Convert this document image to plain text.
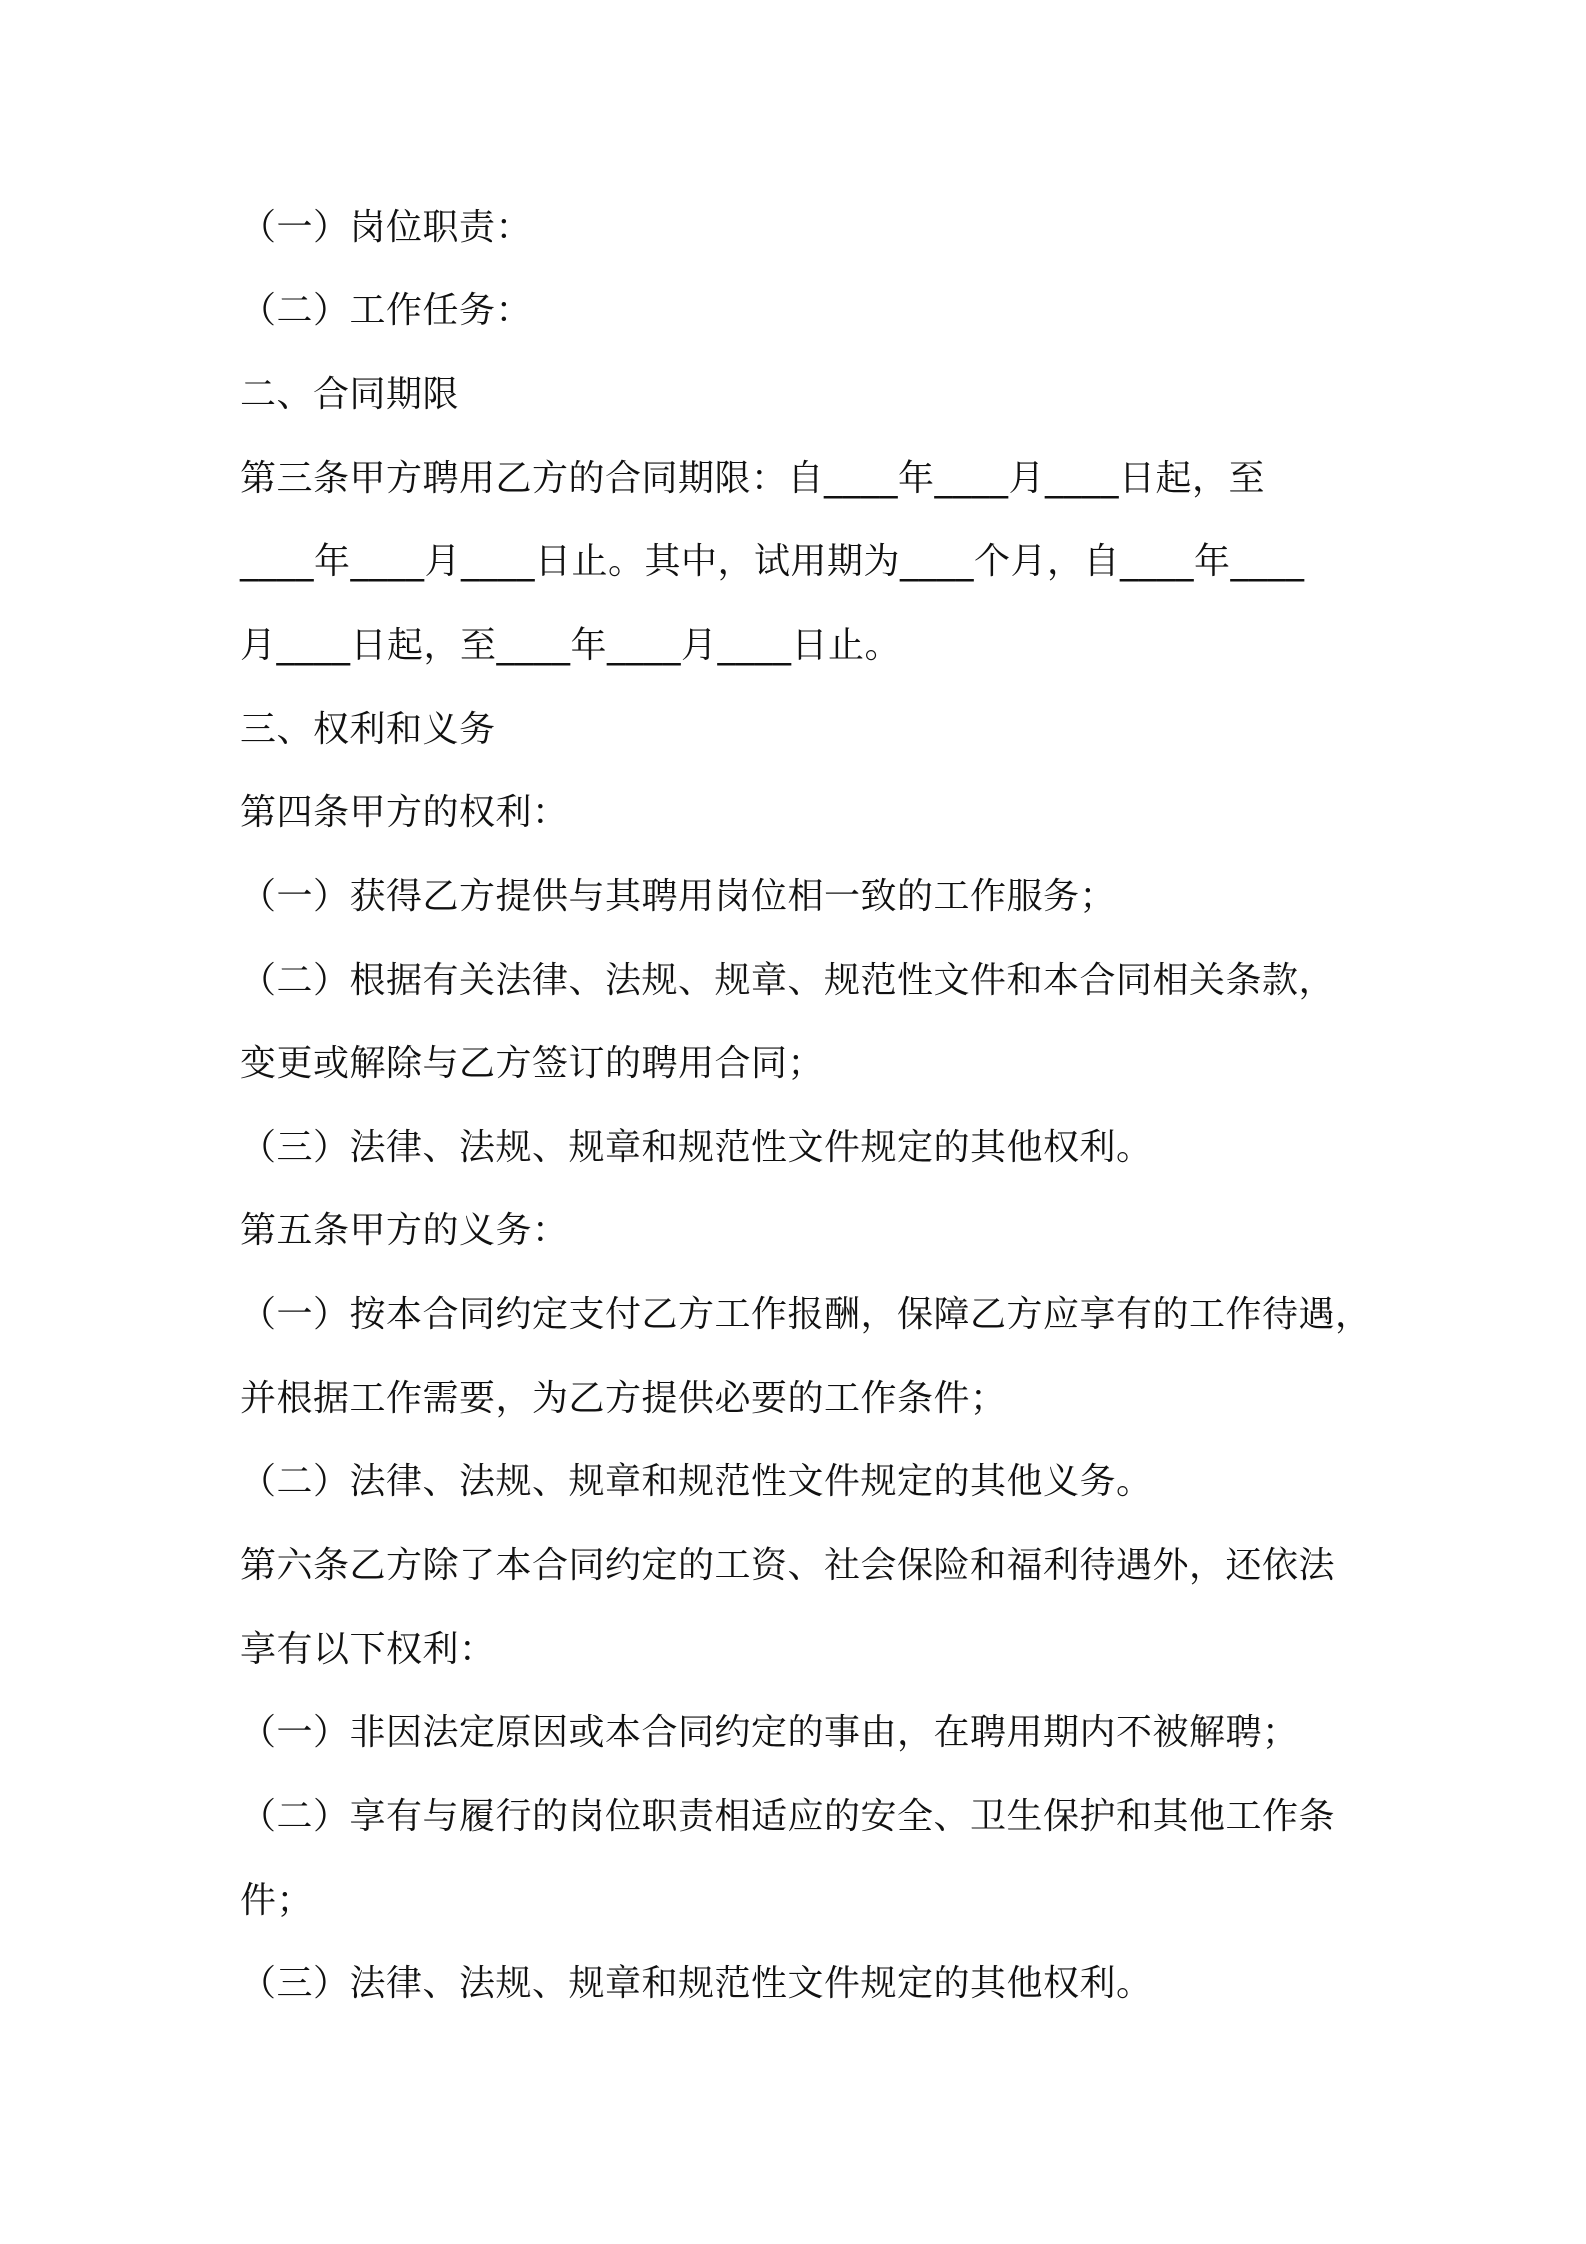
（一）岗位职责：
（二）工作任务：
二、合同期限
第三条甲方聘用乙方的合同期限：自____年____月____日起，至
____年____月____日止。其中，试用期为____个月，自____年____
月____日起，至____年____月____日止。
三、权利和义务
第四条甲方的权利：
（一）获得乙方提供与其聘用岗位相一致的工作服务；
（二）根据有关法律、法规、规章、规范性文件和本合同相关条款，
变更或解除与乙方签订的聘用合同；
（三）法律、法规、规章和规范性文件规定的其他权利。
第五条甲方的义务：
（一）按本合同约定支付乙方工作报酬，保障乙方应享有的工作待遇，
并根据工作需要，为乙方提供必要的工作条件；
（二）法律、法规、规章和规范性文件规定的其他义务。
第六条乙方除了本合同约定的工资、社会保险和福利待遇外，还依法
享有以下权利：
（一）非因法定原因或本合同约定的事由，在聘用期内不被解聘；
（二）享有与履行的岗位职责相适应的安全、卫生保护和其他工作条
件；
（三）法律、法规、规章和规范性文件规定的其他权利。
